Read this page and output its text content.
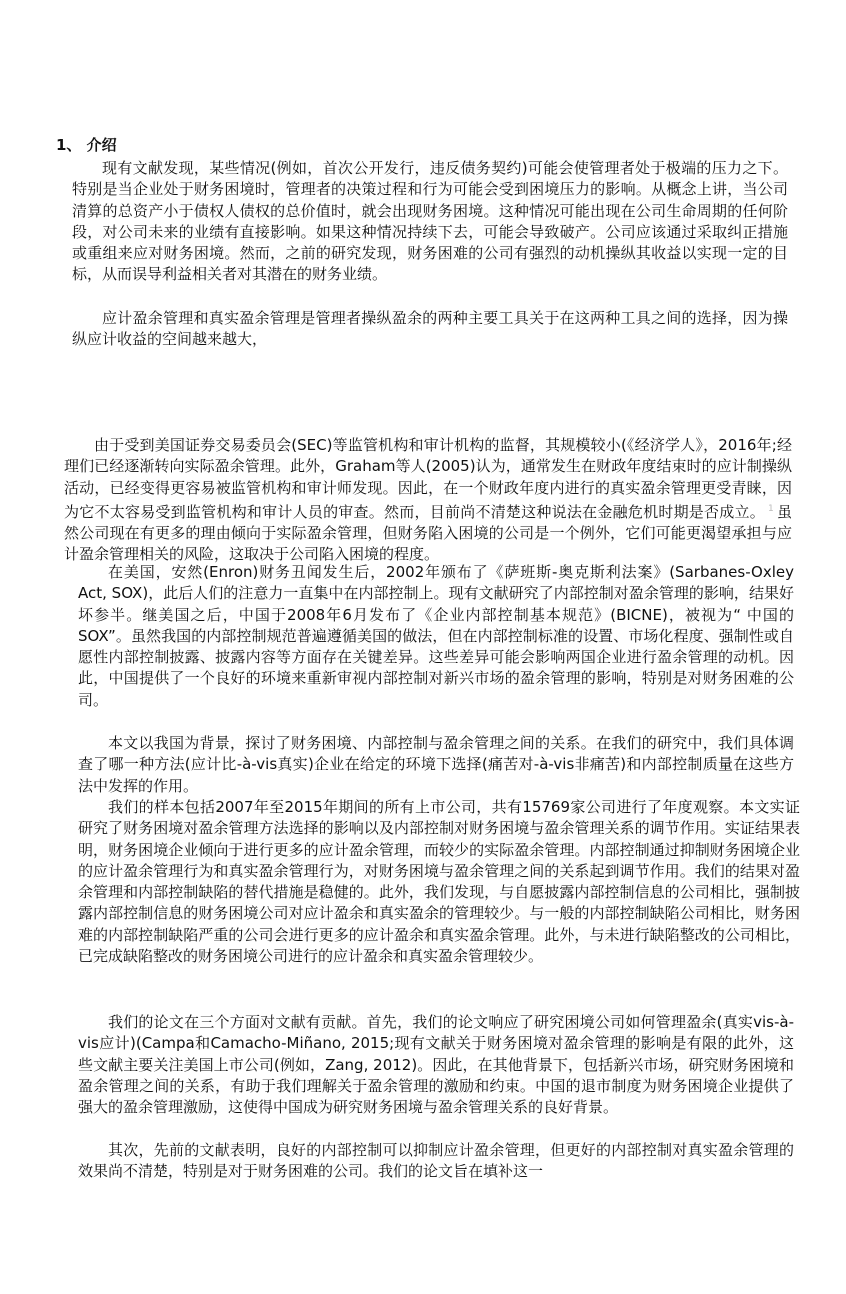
1、 介绍

现有文献发现，某些情况(例如，首次公开发行，违反债务契约)可能会使管理者处于极端的压力之下。特别是当企业处于财务困境时，管理者的决策过程和行为可能会受到困境压力的影响。从概念上讲，当公司清算的总资产小于债权人债权的总价值时，就会出现财务困境。这种情况可能出现在公司生命周期的任何阶段，对公司未来的业绩有直接影响。如果这种情况持续下去，可能会导致破产。公司应该通过采取纠正措施或重组来应对财务困境。然而，之前的研究发现，财务困难的公司有强烈的动机操纵其收益以实现一定的目标，从而误导利益相关者对其潜在的财务业绩。

应计盈余管理和真实盈余管理是管理者操纵盈余的两种主要工具关于在这两种工具之间的选择，因为操纵应计收益的空间越来越大，

由于受到美国证券交易委员会(SEC)等监管机构和审计机构的监督，其规模较小(《经济学人》，2016年;经理们已经逐渐转向实际盈余管理。此外，Graham等人(2005)认为，通常发生在财政年度结束时的应计制操纵活动，已经变得更容易被监管机构和审计师发现。因此，在一个财政年度内进行的真实盈余管理更受青睐，因为它不太容易受到监管机构和审计人员的审查。然而，目前尚不清楚这种说法在金融危机时期是否成立。 $^1$ 虽然公司现在有更多的理由倾向于实际盈余管理，但财务陷入困境的公司是一个例外，它们可能更渴望承担与应计盈余管理相关的风险，这取决于公司陷入困境的程度。

在美国，安然(Enron)财务丑闻发生后，2002年颁布了《萨班斯-奥克斯利法案》(Sarbanes-Oxley Act, SOX)，此后人们的注意力一直集中在内部控制上。现有文献研究了内部控制对盈余管理的影响，结果好坏参半。继美国之后，中国于2008年6月发布了《企业内部控制基本规范》(BICNE)，被视为“ 中国的SOX”。虽然我国的内部控制规范普遍遵循美国的做法，但在内部控制标准的设置、市场化程度、强制性或自愿性内部控制披露、披露内容等方面存在关键差异。这些差异可能会影响两国企业进行盈余管理的动机。因此，中国提供了一个良好的环境来重新审视内部控制对新兴市场的盈余管理的影响，特别是对财务困难的公司。

本文以我国为背景，探讨了财务困境、内部控制与盈余管理之间的关系。在我们的研究中，我们具体调查了哪一种方法(应计比-à-vis真实)企业在给定的环境下选择(痛苦对-à-vis非痛苦)和内部控制质量在这些方法中发挥的作用。

我们的样本包括2007年至2015年期间的所有上市公司，共有15769家公司进行了年度观察。本文实证研究了财务困境对盈余管理方法选择的影响以及内部控制对财务困境与盈余管理关系的调节作用。实证结果表明，财务困境企业倾向于进行更多的应计盈余管理，而较少的实际盈余管理。内部控制通过抑制财务困境企业的应计盈余管理行为和真实盈余管理行为，对财务困境与盈余管理之间的关系起到调节作用。我们的结果对盈余管理和内部控制缺陷的替代措施是稳健的。此外，我们发现，与自愿披露内部控制信息的公司相比，强制披露内部控制信息的财务困境公司对应计盈余和真实盈余的管理较少。与一般的内部控制缺陷公司相比，财务困难的内部控制缺陷严重的公司会进行更多的应计盈余和真实盈余管理。此外，与未进行缺陷整改的公司相比，已完成缺陷整改的财务困境公司进行的应计盈余和真实盈余管理较少。

我们的论文在三个方面对文献有贡献。首先，我们的论文响应了研究困境公司如何管理盈余(真实vis-à-vis应计)(Campa和Camacho-Miñano, 2015;现有文献关于财务困境对盈余管理的影响是有限的此外，这些文献主要关注美国上市公司(例如，Zang, 2012)。因此，在其他背景下，包括新兴市场，研究财务困境和盈余管理之间的关系，有助于我们理解关于盈余管理的激励和约束。中国的退市制度为财务困境企业提供了强大的盈余管理激励，这使得中国成为研究财务困境与盈余管理关系的良好背景。

其次，先前的文献表明，良好的内部控制可以抑制应计盈余管理，但更好的内部控制对真实盈余管理的效果尚不清楚，特别是对于财务困难的公司。我们的论文旨在填补这一
